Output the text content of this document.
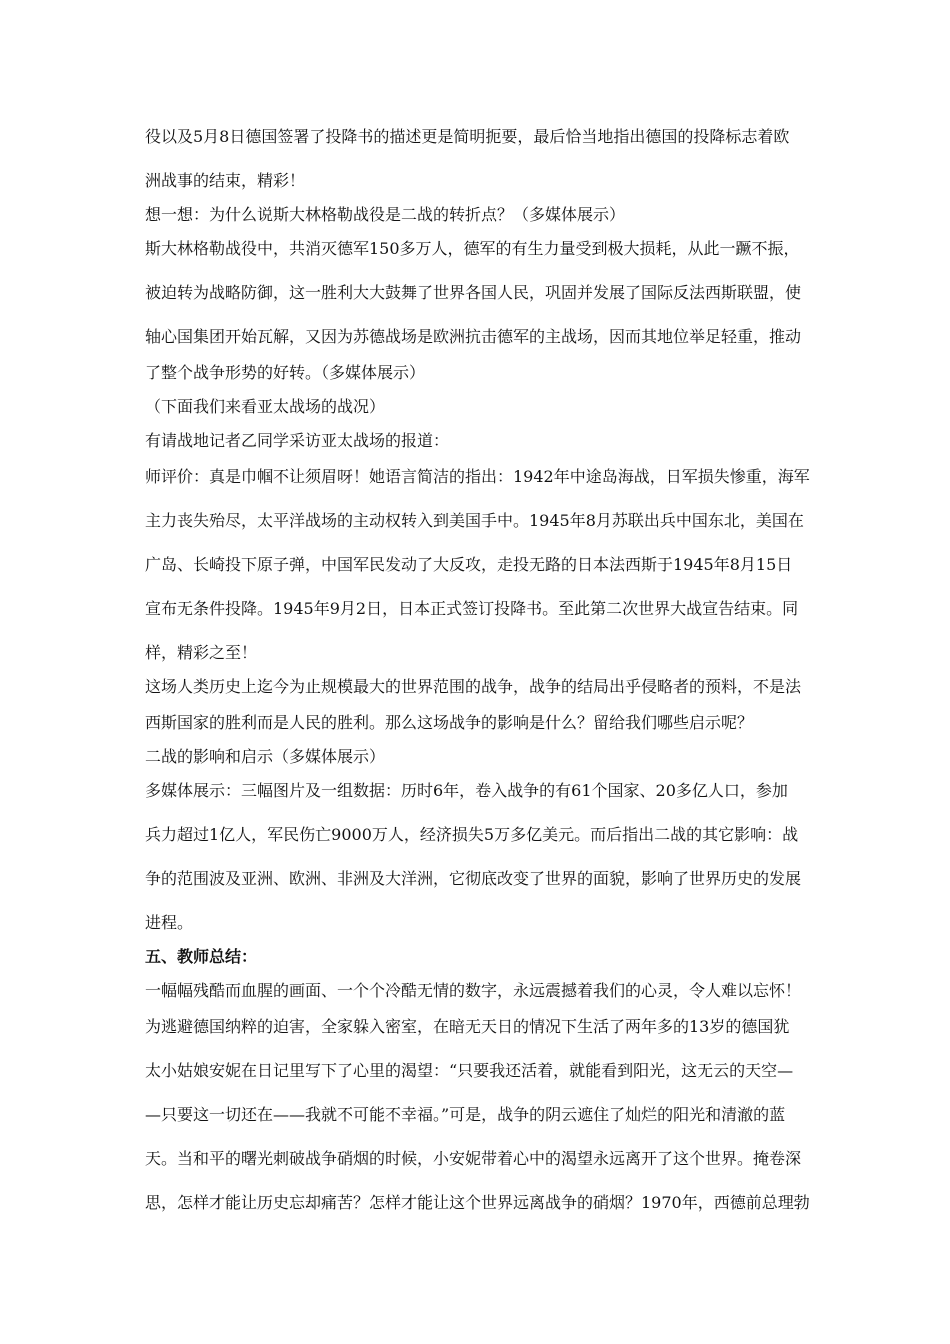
役以及5月8日德国签署了投降书的描述更是简明扼要，最后恰当地指出德国的投降标志着欧

洲战事的结束，精彩！

想一想：为什么说斯大林格勒战役是二战的转折点？（多媒体展示）

斯大林格勒战役中，共消灭德军150多万人，德军的有生力量受到极大损耗，从此一蹶不振，

被迫转为战略防御，这一胜利大大鼓舞了世界各国人民，巩固并发展了国际反法西斯联盟，使

轴心国集团开始瓦解，又因为苏德战场是欧洲抗击德军的主战场，因而其地位举足轻重，推动

了整个战争形势的好转。（多媒体展示）

（下面我们来看亚太战场的战况）

有请战地记者乙同学采访亚太战场的报道：

师评价：真是巾帼不让须眉呀！她语言简洁的指出：1942年中途岛海战，日军损失惨重，海军

主力丧失殆尽，太平洋战场的主动权转入到美国手中。1945年8月苏联出兵中国东北，美国在

广岛、长崎投下原子弹，中国军民发动了大反攻，走投无路的日本法西斯于1945年8月15日

宣布无条件投降。1945年9月2日，日本正式签订投降书。至此第二次世界大战宣告结束。同

样，精彩之至！

这场人类历史上迄今为止规模最大的世界范围的战争，战争的结局出乎侵略者的预料，不是法

西斯国家的胜利而是人民的胜利。那么这场战争的影响是什么？留给我们哪些启示呢？

二战的影响和启示（多媒体展示）

多媒体展示：三幅图片及一组数据：历时6年，卷入战争的有61个国家、20多亿人口，参加

兵力超过1亿人，军民伤亡9000万人，经济损失5万多亿美元。而后指出二战的其它影响：战

争的范围波及亚洲、欧洲、非洲及大洋洲，它彻底改变了世界的面貌，影响了世界历史的发展

进程。

五、教师总结：

一幅幅残酷而血腥的画面、一个个冷酷无情的数字，永远震撼着我们的心灵，令人难以忘怀！

为逃避德国纳粹的迫害，全家躲入密室，在暗无天日的情况下生活了两年多的13岁的德国犹

太小姑娘安妮在日记里写下了心里的渴望：“只要我还活着，就能看到阳光，这无云的天空—

—只要这一切还在——我就不可能不幸福。”可是，战争的阴云遮住了灿烂的阳光和清澈的蓝

天。当和平的曙光刺破战争硝烟的时候，小安妮带着心中的渴望永远离开了这个世界。掩卷深

思，怎样才能让历史忘却痛苦？怎样才能让这个世界远离战争的硝烟？1970年，西德前总理勃
